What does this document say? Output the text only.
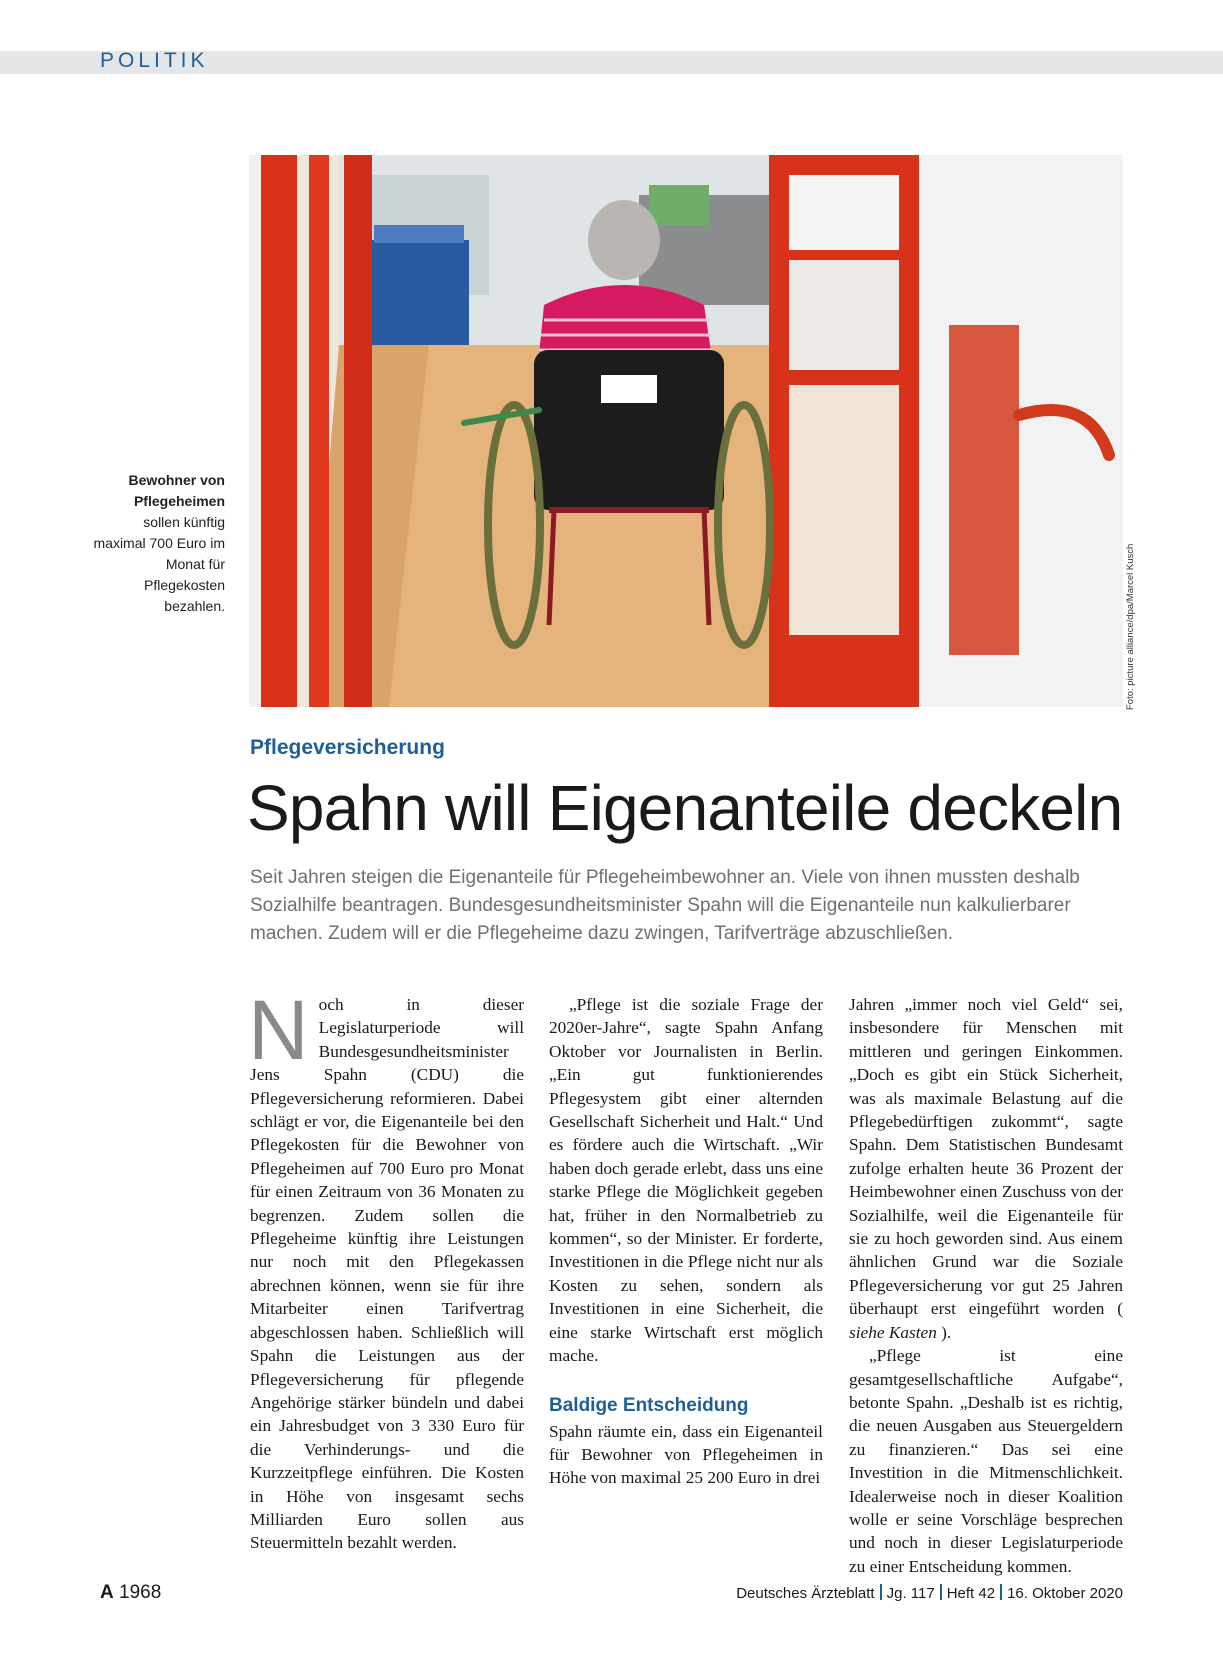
POLITIK
Bewohner von Pflegeheimen
sollen künftig maximal 700 Euro im Monat für Pflegekosten bezahlen.	Foto: picture alliance/dpa/Marcel Kusch
Pflegeversicherung
Spahn will Eigenanteile deckeln

Seit Jahren steigen die Eigenanteile für Pflegeheimbewohner an. Viele von ihnen mussten deshalb Sozialhilfe beantragen. Bundesgesundheitsminister Spahn will die Eigenanteile nun kalkulierbarer machen. Zudem will er die Pflegeheime dazu zwingen, Tarifverträge abzuschließen.

Noch in dieser Legislaturperiode will Bundesgesundheitsminister Jens Spahn (CDU) die Pflegeversicherung reformieren. Dabei schlägt er vor, die Eigenanteile bei den Pflegekosten für die Bewohner von Pflegeheimen auf 700 Euro pro Monat für einen Zeitraum von 36 Monaten zu begrenzen. Zudem sollen die Pflegeheime künftig ihre Leistungen nur noch mit den Pflegekassen abrechnen können, wenn sie für ihre Mitarbeiter einen Tarifvertrag abgeschlossen haben. Schließlich will Spahn die Leistungen aus der Pflegeversicherung für pflegende Angehörige stärker bündeln und dabei ein Jahresbudget von 3 330 Euro für die Verhinderungs- und die Kurzzeitpflege einführen. Die Kosten in Höhe von insgesamt sechs Milliarden Euro sollen aus Steuermitteln bezahlt werden.

„Pflege ist die soziale Frage der 2020er-Jahre“, sagte Spahn Anfang Oktober vor Journalisten in Berlin. „Ein gut funktionierendes Pflegesystem gibt einer alternden Gesellschaft Sicherheit und Halt.“ Und es fördere auch die Wirtschaft. „Wir haben doch gerade erlebt, dass uns eine starke Pflege die Möglichkeit gegeben hat, früher in den Normalbetrieb zu kommen“, so der Minister. Er forderte, Investitionen in die Pflege nicht nur als Kosten zu sehen, sondern als Investitionen in eine Sicherheit, die eine starke Wirtschaft erst möglich mache.

Baldige Entscheidung

Spahn räumte ein, dass ein Eigenanteil für Bewohner von Pflegeheimen in Höhe von maximal 25 200 Euro in drei

Jahren „immer noch viel Geld“ sei, insbesondere für Menschen mit mittleren und geringen Einkommen. „Doch es gibt ein Stück Sicherheit, was als maximale Belastung auf die Pflegebedürftigen zukommt“, sagte Spahn. Dem Statistischen Bundesamt zufolge erhalten heute 36 Prozent der Heimbewohner einen Zuschuss von der Sozialhilfe, weil die Eigenanteile für sie zu hoch geworden sind. Aus einem ähnlichen Grund war die Soziale Pflegeversicherung vor gut 25 Jahren überhaupt erst eingeführt worden ( siehe Kasten ).

„Pflege ist eine gesamtgesellschaftliche Aufgabe“, betonte Spahn. „Deshalb ist es richtig, die neuen Ausgaben aus Steuergeldern zu finanzieren.“ Das sei eine Investition in die Mitmenschlichkeit. Idealerweise noch in dieser Koalition wolle er seine Vorschläge besprechen und noch in dieser Legislaturperiode zu einer Entscheidung kommen.

A 1968	Deutsches Ärzteblatt Jg. 117 Heft 42 16. Oktober 2020
